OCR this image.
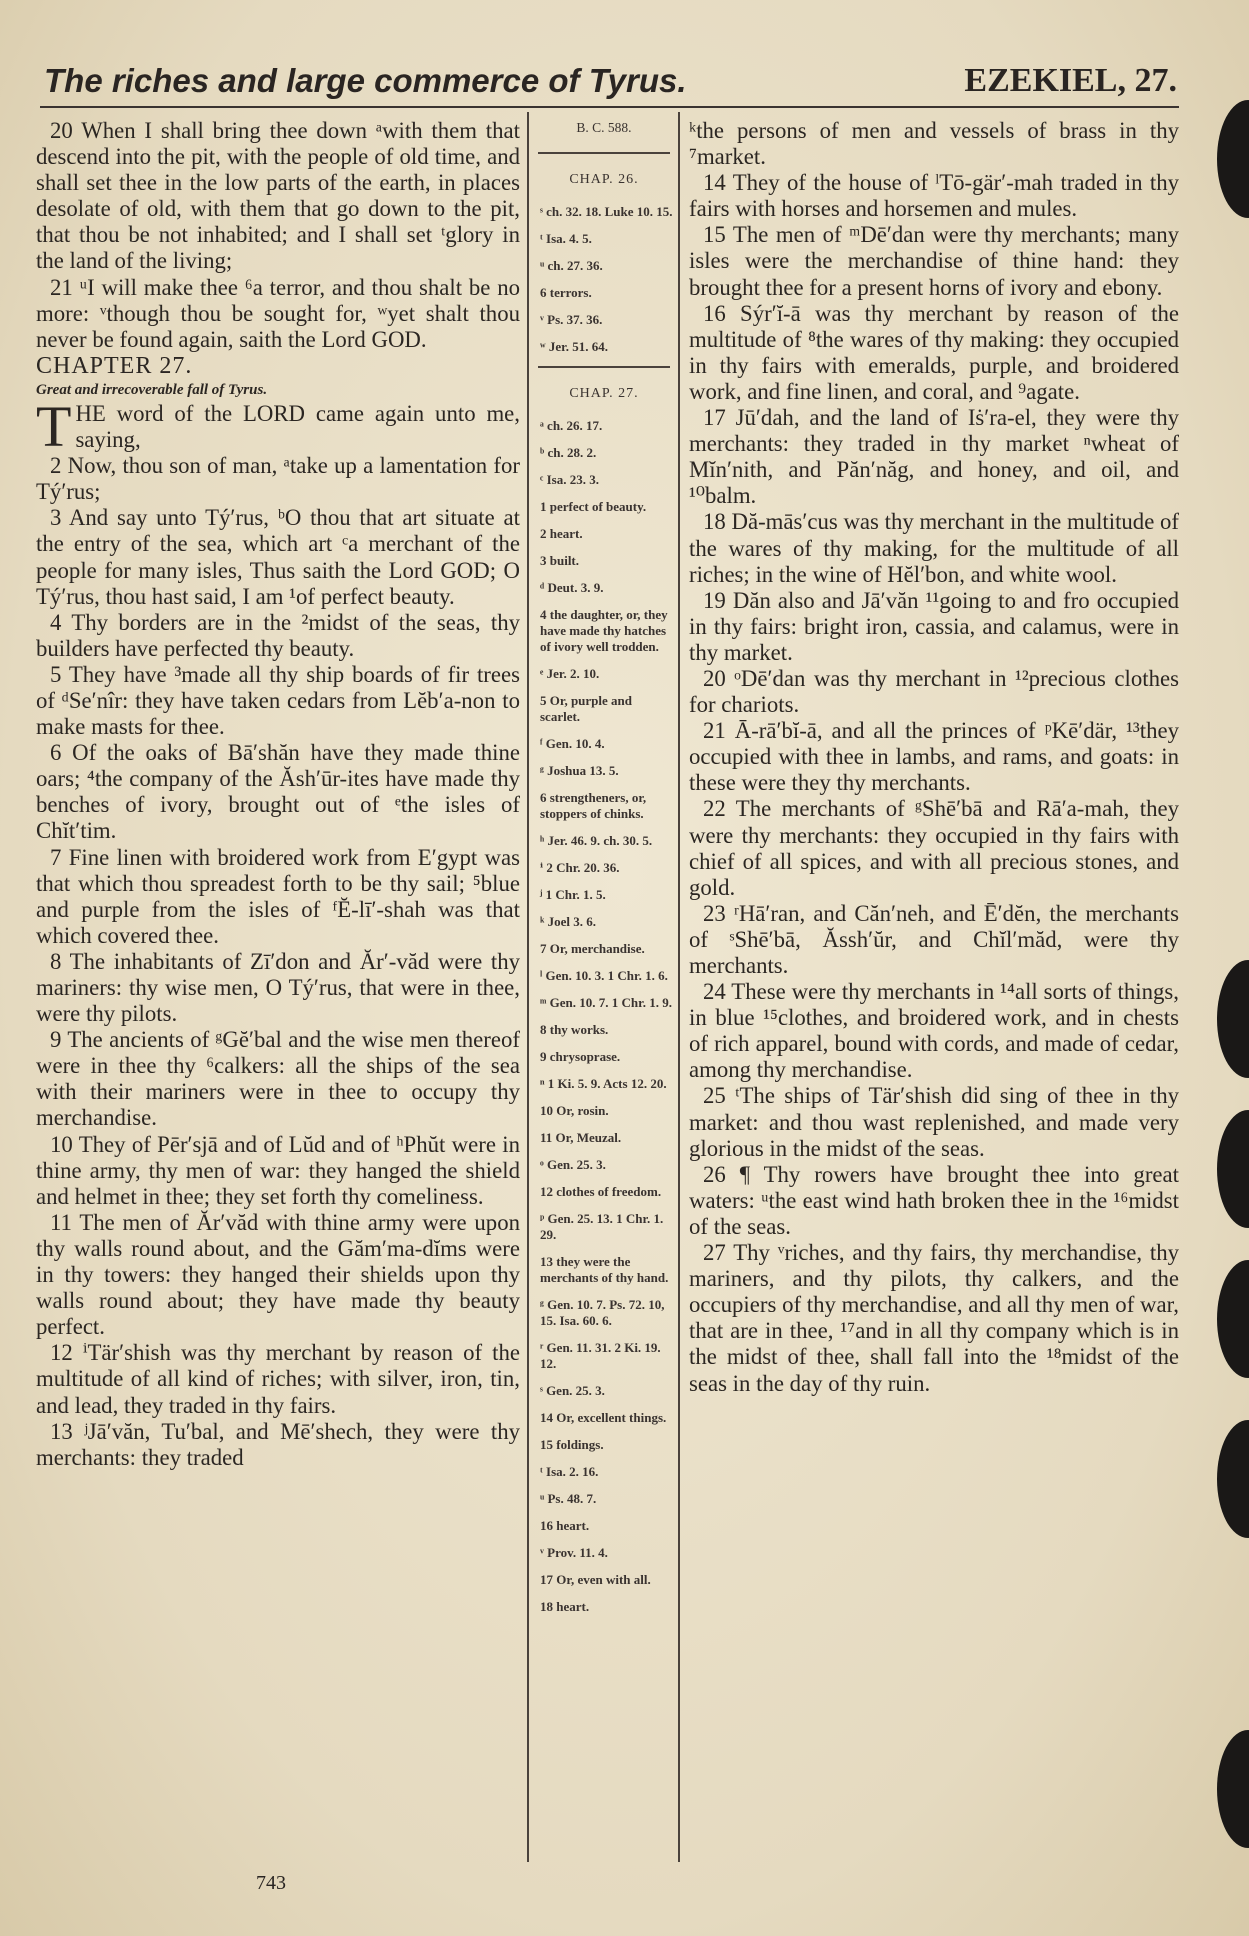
The riches and large commerce of Tyrus.	EZEKIEL, 27.

20 When I shall bring thee down ᵃwith them that descend into the pit, with the people of old time, and shall set thee in the low parts of the earth, in places desolate of old, with them that go down to the pit, that thou be not inhabited; and I shall set ᵗglory in the land of the living;

21 ᵘI will make thee ⁶a terror, and thou shalt be no more: ᵛthough thou be sought for, ʷyet shalt thou never be found again, saith the Lord GOD.

CHAPTER 27.

Great and irrecoverable fall of Tyrus.

THE word of the LORD came again unto me, saying,

2 Now, thou son of man, ᵃtake up a lamentation for Tý′rus;

3 And say unto Tý′rus, ᵇO thou that art situate at the entry of the sea, which art ᶜa merchant of the people for many isles, Thus saith the Lord GOD; O Tý′rus, thou hast said, I am ¹of perfect beauty.

4 Thy borders are in the ²midst of the seas, thy builders have perfected thy beauty.

5 They have ³made all thy ship boards of fir trees of ᵈSe′nîr: they have taken cedars from Lĕb′a-non to make masts for thee.

6 Of the oaks of Bā′shăn have they made thine oars; ⁴the company of the Ăsh′ūr-ites have made thy benches of ivory, brought out of ᵉthe isles of Chĭt′tim.

7 Fine linen with broidered work from E′gypt was that which thou spreadest forth to be thy sail; ⁵blue and purple from the isles of ᶠĔ-lī′-shah was that which covered thee.

8 The inhabitants of Zī′don and Ăr′-văd were thy mariners: thy wise men, O Tý′rus, that were in thee, were thy pilots.

9 The ancients of ᵍGĕ′bal and the wise men thereof were in thee thy ⁶calkers: all the ships of the sea with their mariners were in thee to occupy thy merchandise.

10 They of Pēr′sjā and of Lŭd and of ʰPhŭt were in thine army, thy men of war: they hanged the shield and helmet in thee; they set forth thy comeliness.

11 The men of Ăr′văd with thine army were upon thy walls round about, and the Găm′ma-dĭms were in thy towers: they hanged their shields upon thy walls round about; they have made thy beauty perfect.

12 ⁱTär′shish was thy merchant by reason of the multitude of all kind of riches; with silver, iron, tin, and lead, they traded in thy fairs.

13 ʲJā′văn, Tu′bal, and Mē′shech, they were thy merchants: they traded

B. C. 588.

CHAP. 26.

ˢ ch. 32. 18. Luke 10. 15.

ᵗ Isa. 4. 5.

ᵘ ch. 27. 36.

6 terrors.

ᵛ Ps. 37. 36.

ʷ Jer. 51. 64.

CHAP. 27.

ᵃ ch. 26. 17.

ᵇ ch. 28. 2.

ᶜ Isa. 23. 3.

1 perfect of beauty.

2 heart.

3 built.

ᵈ Deut. 3. 9.

4 the daughter, or, they have made thy hatches of ivory well trodden.

ᵉ Jer. 2. 10.

5 Or, purple and scarlet.

ᶠ Gen. 10. 4.

ᵍ Joshua 13. 5.

6 strengtheners, or, stoppers of chinks.

ʰ Jer. 46. 9. ch. 30. 5.

ⁱ 2 Chr. 20. 36.

ʲ 1 Chr. 1. 5.

ᵏ Joel 3. 6.

7 Or, merchandise.

ˡ Gen. 10. 3. 1 Chr. 1. 6.

ᵐ Gen. 10. 7. 1 Chr. 1. 9.

8 thy works.

9 chrysoprase.

ⁿ 1 Ki. 5. 9. Acts 12. 20.

10 Or, rosin.

11 Or, Meuzal.

ᵒ Gen. 25. 3.

12 clothes of freedom.

ᵖ Gen. 25. 13. 1 Chr. 1. 29.

13 they were the merchants of thy hand.

ᵍ Gen. 10. 7. Ps. 72. 10, 15. Isa. 60. 6.

ʳ Gen. 11. 31. 2 Ki. 19. 12.

ˢ Gen. 25. 3.

14 Or, excellent things.

15 foldings.

ᵗ Isa. 2. 16.

ᵘ Ps. 48. 7.

16 heart.

ᵛ Prov. 11. 4.

17 Or, even with all.

18 heart.

ᵏthe persons of men and vessels of brass in thy ⁷market.

14 They of the house of ˡTō-gär′-mah traded in thy fairs with horses and horsemen and mules.

15 The men of ᵐDē′dan were thy merchants; many isles were the merchandise of thine hand: they brought thee for a present horns of ivory and ebony.

16 Sýr′ĭ-ā was thy merchant by reason of the multitude of ⁸the wares of thy making: they occupied in thy fairs with emeralds, purple, and broidered work, and fine linen, and coral, and ⁹agate.

17 Jū′dah, and the land of Iṡ′ra-el, they were thy merchants: they traded in thy market ⁿwheat of Mĭn′nith, and Păn′năg, and honey, and oil, and ¹⁰balm.

18 Dă-mās′cus was thy merchant in the multitude of the wares of thy making, for the multitude of all riches; in the wine of Hĕl′bon, and white wool.

19 Dăn also and Jā′văn ¹¹going to and fro occupied in thy fairs: bright iron, cassia, and calamus, were in thy market.

20 ᵒDē′dan was thy merchant in ¹²precious clothes for chariots.

21 Ā-rā′bĭ-ā, and all the princes of ᵖKē′där, ¹³they occupied with thee in lambs, and rams, and goats: in these were they thy merchants.

22 The merchants of ᵍShē′bā and Rā′a-mah, they were thy merchants: they occupied in thy fairs with chief of all spices, and with all precious stones, and gold.

23 ʳHā′ran, and Căn′neh, and Ē′dĕn, the merchants of ˢShē′bā, Ăssh′ŭr, and Chĭl′măd, were thy merchants.

24 These were thy merchants in ¹⁴all sorts of things, in blue ¹⁵clothes, and broidered work, and in chests of rich apparel, bound with cords, and made of cedar, among thy merchandise.

25 ᵗThe ships of Tär′shish did sing of thee in thy market: and thou wast replenished, and made very glorious in the midst of the seas.

26 ¶ Thy rowers have brought thee into great waters: ᵘthe east wind hath broken thee in the ¹⁶midst of the seas.

27 Thy ᵛriches, and thy fairs, thy merchandise, thy mariners, and thy pilots, thy calkers, and the occupiers of thy merchandise, and all thy men of war, that are in thee, ¹⁷and in all thy company which is in the midst of thee, shall fall into the ¹⁸midst of the seas in the day of thy ruin.

743
